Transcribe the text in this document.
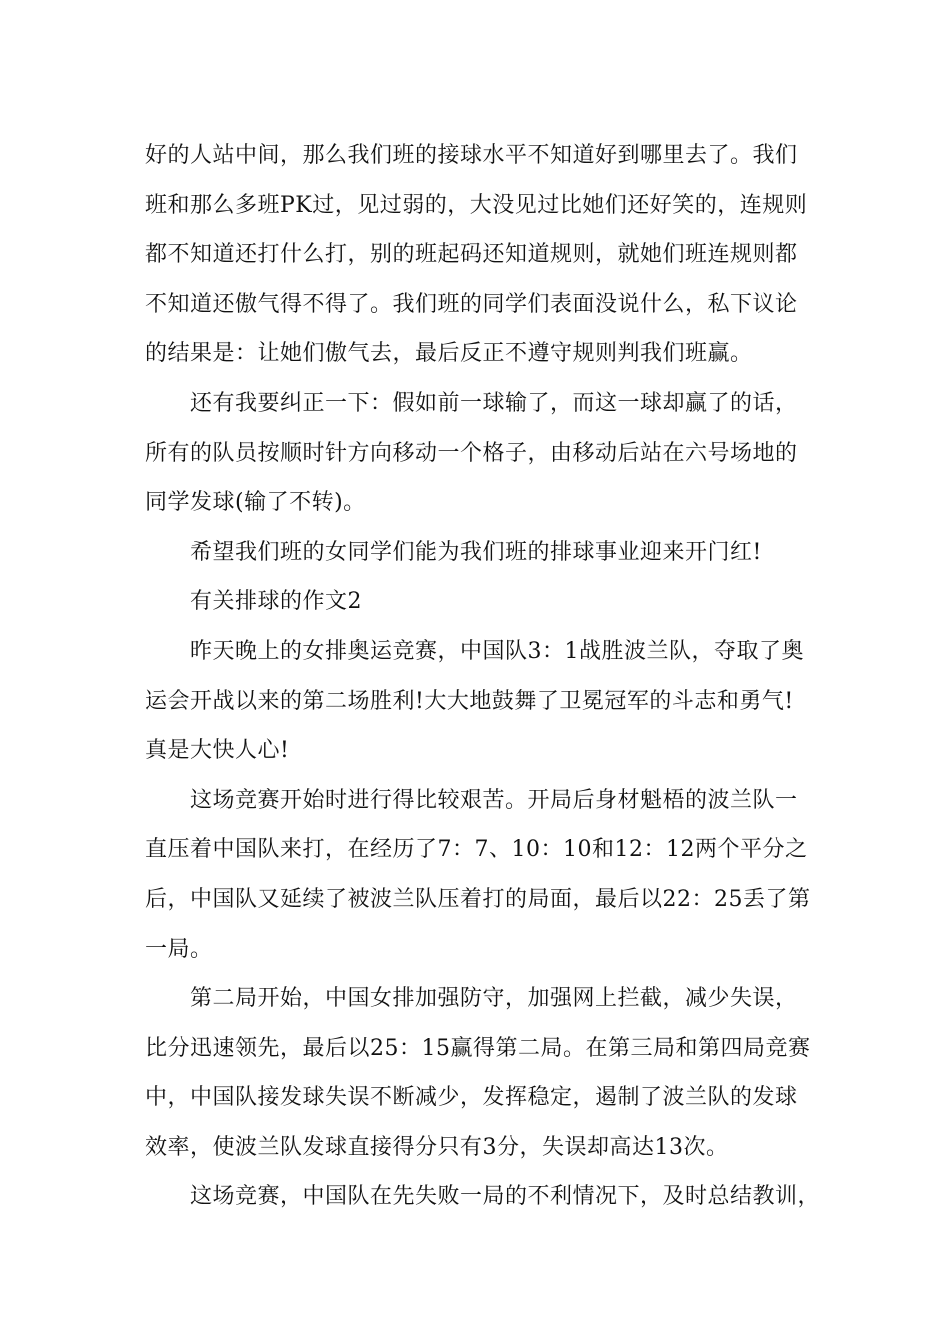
好的人站中间，那么我们班的接球水平不知道好到哪里去了。我们
班和那么多班PK过，见过弱的，大没见过比她们还好笑的，连规则
都不知道还打什么打，别的班起码还知道规则，就她们班连规则都
不知道还傲气得不得了。我们班的同学们表面没说什么，私下议论
的结果是：让她们傲气去，最后反正不遵守规则判我们班赢。
还有我要纠正一下：假如前一球输了，而这一球却赢了的话，
所有的队员按顺时针方向移动一个格子，由移动后站在六号场地的
同学发球(输了不转)。
希望我们班的女同学们能为我们班的排球事业迎来开门红!
有关排球的作文2
昨天晚上的女排奥运竞赛，中国队3：1战胜波兰队，夺取了奥
运会开战以来的第二场胜利!大大地鼓舞了卫冕冠军的斗志和勇气!
真是大快人心!
这场竞赛开始时进行得比较艰苦。开局后身材魁梧的波兰队一
直压着中国队来打，在经历了7：7、10：10和12：12两个平分之
后，中国队又延续了被波兰队压着打的局面，最后以22：25丢了第
一局。
第二局开始，中国女排加强防守，加强网上拦截，减少失误，
比分迅速领先，最后以25：15赢得第二局。在第三局和第四局竞赛
中，中国队接发球失误不断减少，发挥稳定，遏制了波兰队的发球
效率，使波兰队发球直接得分只有3分，失误却高达13次。
这场竞赛，中国队在先失败一局的不利情况下，及时总结教训，
